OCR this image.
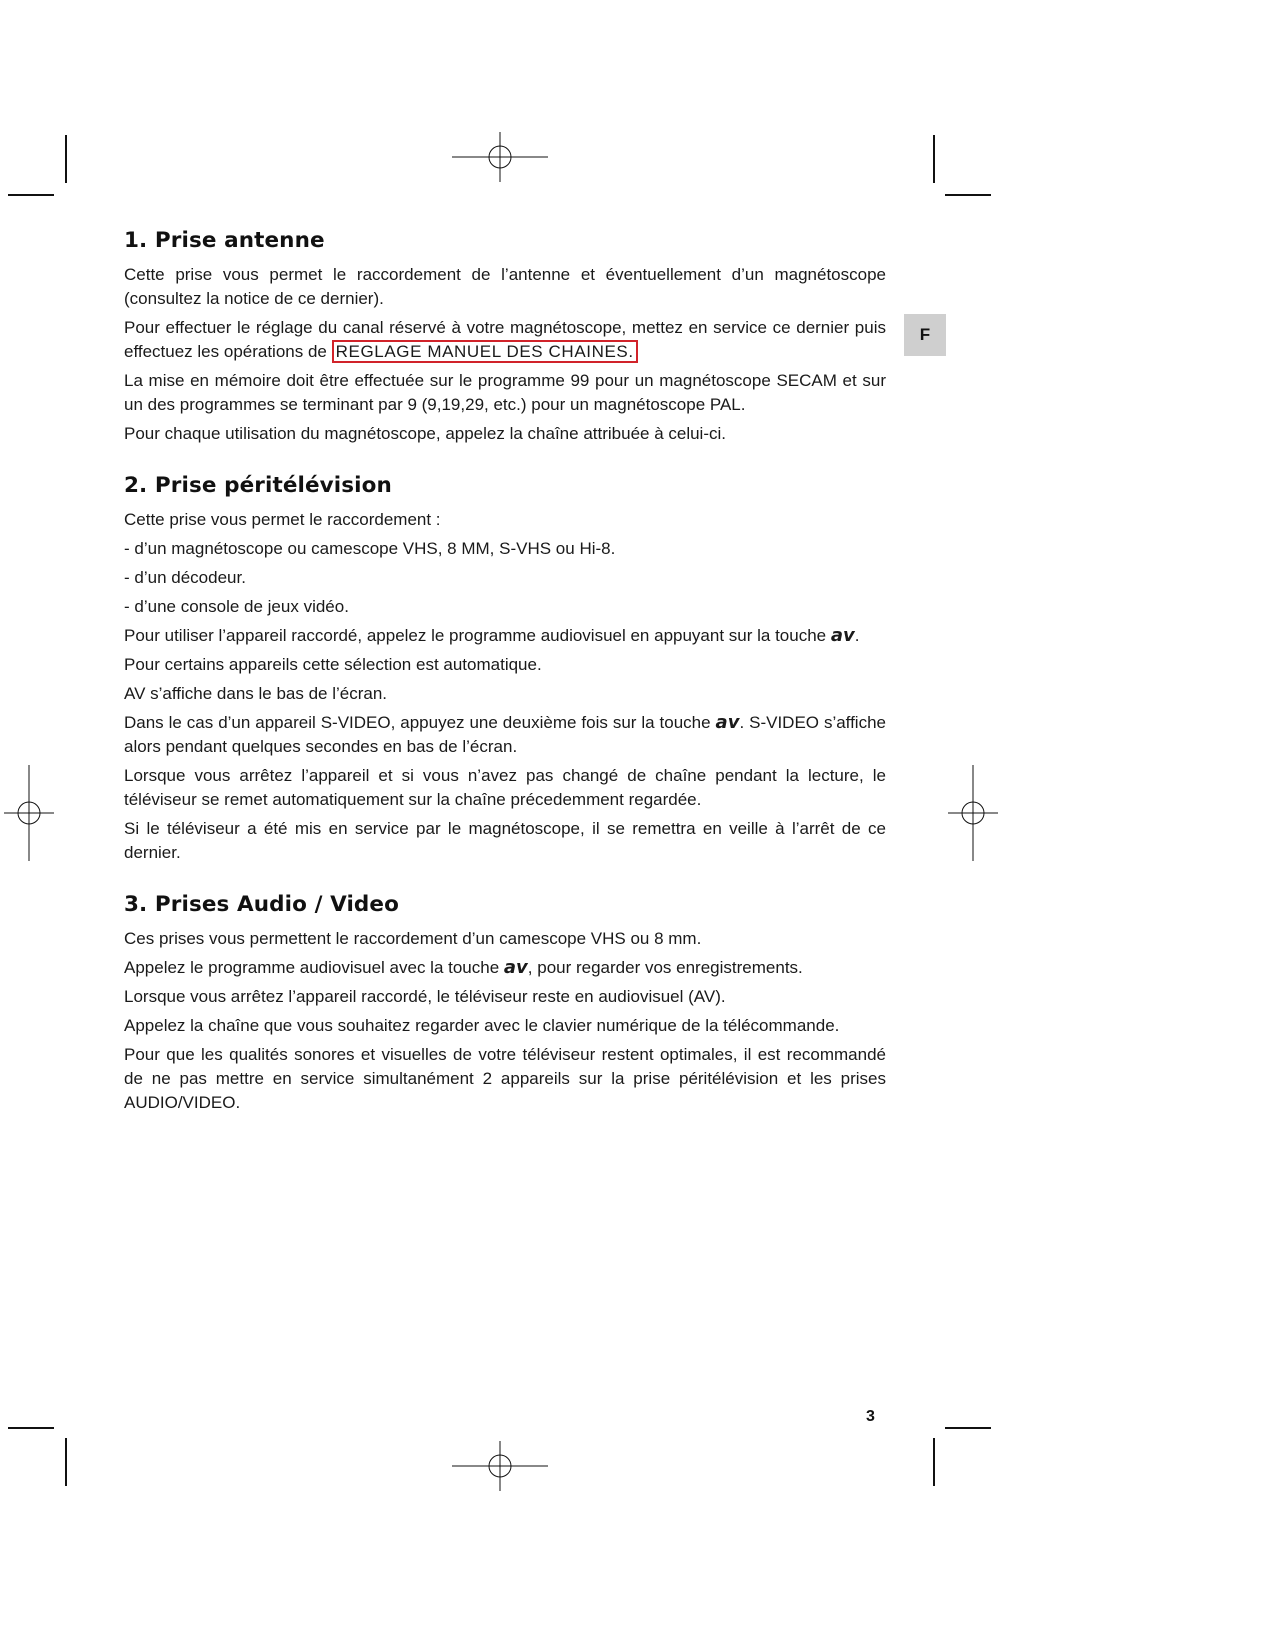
F
1. Prise antenne

Cette prise vous permet le raccordement de l’antenne et éventuellement d’un magnétoscope (consultez la notice de ce dernier).

Pour effectuer le réglage du canal réservé à votre magnétoscope, mettez en service ce dernier puis effectuez les opérations de REGLAGE MANUEL DES CHAINES.

La mise en mémoire doit être effectuée sur le programme 99 pour un magnétoscope SECAM et sur un des programmes se terminant par 9 (9,19,29, etc.) pour un magnétoscope PAL.

Pour chaque utilisation du magnétoscope, appelez la chaîne attribuée à celui-ci.

2. Prise péritélévision

Cette prise vous permet le raccordement :

- d’un magnétoscope ou camescope VHS, 8 MM, S-VHS ou Hi-8.

- d’un décodeur.

- d’une console de jeux vidéo.

Pour utiliser l’appareil raccordé, appelez le programme audiovisuel en appuyant sur la touche av.

Pour certains appareils cette sélection est automatique.

AV s’affiche dans le bas de l’écran.

Dans le cas d’un appareil S-VIDEO, appuyez une deuxième fois sur la touche av. S-VIDEO s’affiche alors pendant quelques secondes en bas de l’écran.

Lorsque vous arrêtez l’appareil et si vous n’avez pas changé de chaîne pendant la lecture, le téléviseur se remet automatiquement sur la chaîne précedemment regardée.

Si le téléviseur a été mis en service par le magnétoscope, il se remettra en veille à l’arrêt de ce dernier.

3. Prises Audio / Video

Ces prises vous permettent le raccordement d’un camescope VHS ou 8 mm.

Appelez le programme audiovisuel avec la touche av, pour regarder vos enregistrements.

Lorsque vous arrêtez l’appareil raccordé, le téléviseur reste en audiovisuel (AV).

Appelez la chaîne que vous souhaitez regarder avec le clavier numérique de la télécommande.

Pour que les qualités sonores et visuelles de votre téléviseur restent optimales, il est recommandé de ne pas mettre en service simultanément 2 appareils sur la prise péritélévision et les prises AUDIO/VIDEO.

3
